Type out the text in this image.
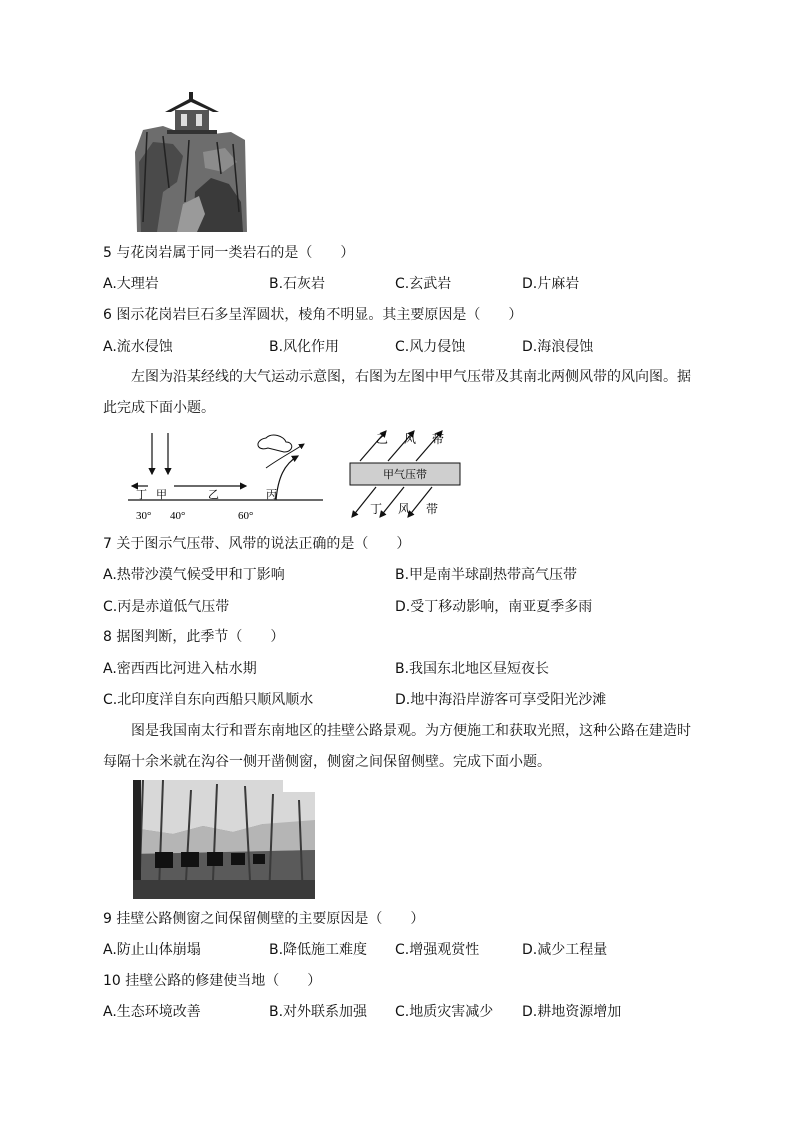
5 与花岗岩属于同一类岩石的是（　　）
A.大理岩	B.石灰岩	C.玄武岩	D.片麻岩
6 图示花岗岩巨石多呈浑圆状，棱角不明显。其主要原因是（　　）
A.流水侵蚀	B.风化作用	C.风力侵蚀	D.海浪侵蚀
左图为沿某经线的大气运动示意图，右图为左图中甲气压带及其南北两侧风带的风向图。据此完成下面小题。
丁 甲	乙	丙
30° 40°	60°
甲气压带
乙 风 带
丁 风 带
7 关于图示气压带、风带的说法正确的是（　　）
A.热带沙漠气候受甲和丁影响	B.甲是南半球副热带高气压带
C.丙是赤道低气压带	D.受丁移动影响，南亚夏季多雨
8 据图判断，此季节（　　）
A.密西西比河进入枯水期	B.我国东北地区昼短夜长
C.北印度洋自东向西船只顺风顺水	D.地中海沿岸游客可享受阳光沙滩
图是我国南太行和晋东南地区的挂壁公路景观。为方便施工和获取光照，这种公路在建造时每隔十余米就在沟谷一侧开凿侧窗，侧窗之间保留侧壁。完成下面小题。
9 挂壁公路侧窗之间保留侧壁的主要原因是（　　）
A.防止山体崩塌	B.降低施工难度 C.增强观赏性	D.减少工程量
10 挂壁公路的修建使当地（　　）
A.生态环境改善	B.对外联系加强 C.地质灾害减少 D.耕地资源增加
